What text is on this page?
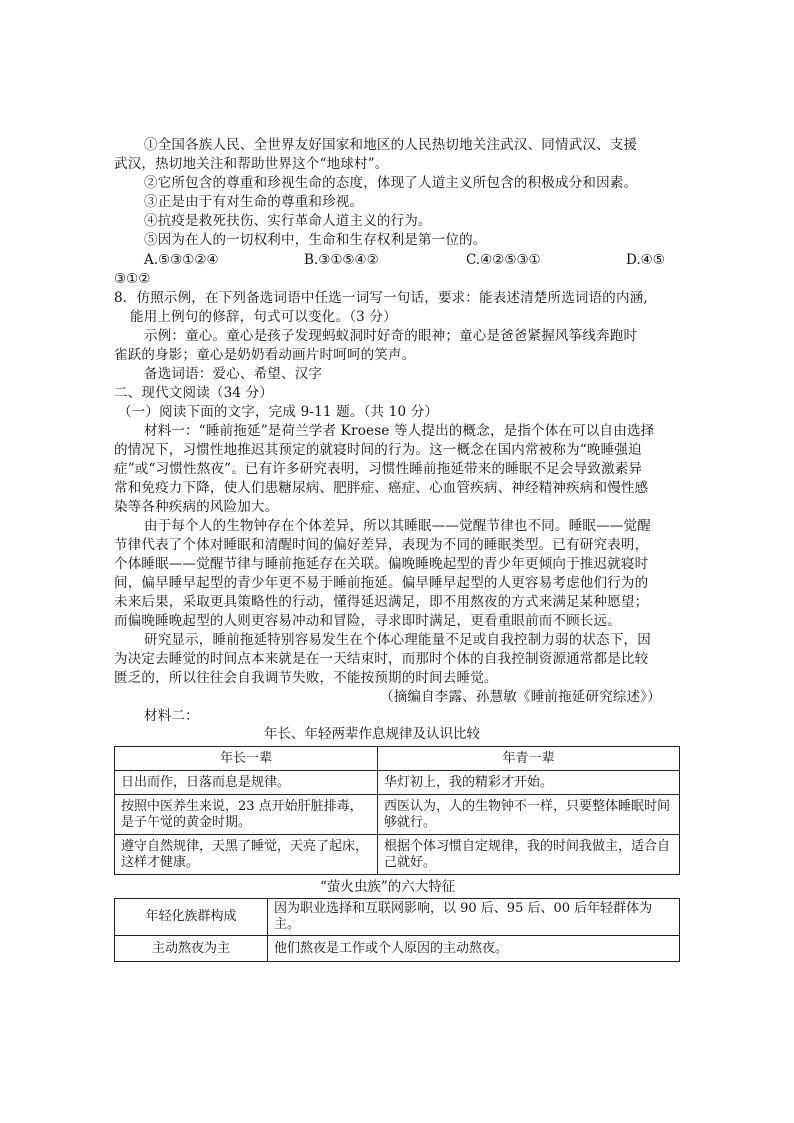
①全国各族人民、全世界友好国家和地区的人民热切地关注武汉、同情武汉、支援
武汉，热切地关注和帮助世界这个“地球村”。
②它所包含的尊重和珍视生命的态度，体现了人道主义所包含的积极成分和因素。
③正是由于有对生命的尊重和珍视。
④抗疫是救死扶伤、实行革命人道主义的行为。
⑤因为在人的一切权利中，生命和生存权利是第一位的。
A.⑤③①②④	B.③①⑤④②	C.④②⑤③①	D.④⑤
③①②
8．仿照示例，在下列备选词语中任选一词写一句话，要求：能表述清楚所选词语的内涵,
能用上例句的修辞，句式可以变化。（3 分）
示例：童心。童心是孩子发现蚂蚁洞时好奇的眼神；童心是爸爸紧握风筝线奔跑时
雀跃的身影；童心是奶奶看动画片时呵呵的笑声。
备选词语：爱心、希望、汉字
二、现代文阅读（34 分）
（一）阅读下面的文字，完成 9-11 题。（共 10 分）
材料一：“睡前拖延”是荷兰学者 Kroese 等人提出的概念，是指个体在可以自由选择
的情况下，习惯性地推迟其预定的就寝时间的行为。这一概念在国内常被称为“晚睡强迫
症”或“习惯性熬夜”。已有许多研究表明，习惯性睡前拖延带来的睡眠不足会导致激素异
常和免疫力下降，使人们患糖尿病、肥胖症、癌症、心血管疾病、神经精神疾病和慢性感
染等各种疾病的风险加大。
由于每个人的生物钟存在个体差异，所以其睡眠——觉醒节律也不同。睡眠——觉醒
节律代表了个体对睡眠和清醒时间的偏好差异，表现为不同的睡眠类型。已有研究表明，
个体睡眠——觉醒节律与睡前拖延存在关联。偏晚睡晚起型的青少年更倾向于推迟就寝时
间，偏早睡早起型的青少年更不易于睡前拖延。偏早睡早起型的人更容易考虑他们行为的
未来后果，采取更具策略性的行动，懂得延迟满足，即不用熬夜的方式来满足某种愿望；
而偏晚睡晚起型的人则更容易冲动和冒险，寻求即时满足，更看重眼前而不顾长远。
研究显示，睡前拖延特别容易发生在个体心理能量不足或自我控制力弱的状态下，因
为决定去睡觉的时间点本来就是在一天结束时，而那时个体的自我控制资源通常都是比较
匮乏的，所以往往会自我调节失败，不能按预期的时间去睡觉。
（摘编自李露、孙慧敏《睡前拖延研究综述》）
材料二：
年长、年轻两辈作息规律及认识比较
年长一辈	年青一辈
日出而作，日落而息是规律。	华灯初上，我的精彩才开始。
按照中医养生来说，23 点开始肝脏排毒，是子午觉的黄金时期。	西医认为，人的生物钟不一样，只要整体睡眠时间够就行。
遵守自然规律，天黑了睡觉，天亮了起床，这样才健康。	根据个体习惯自定规律，我的时间我做主，适合自己就好。
“萤火虫族”的六大特征
年轻化族群构成	因为职业选择和互联网影响，以 90 后、95 后、00 后年轻群体为主。
主动熬夜为主	他们熬夜是工作或个人原因的主动熬夜。
